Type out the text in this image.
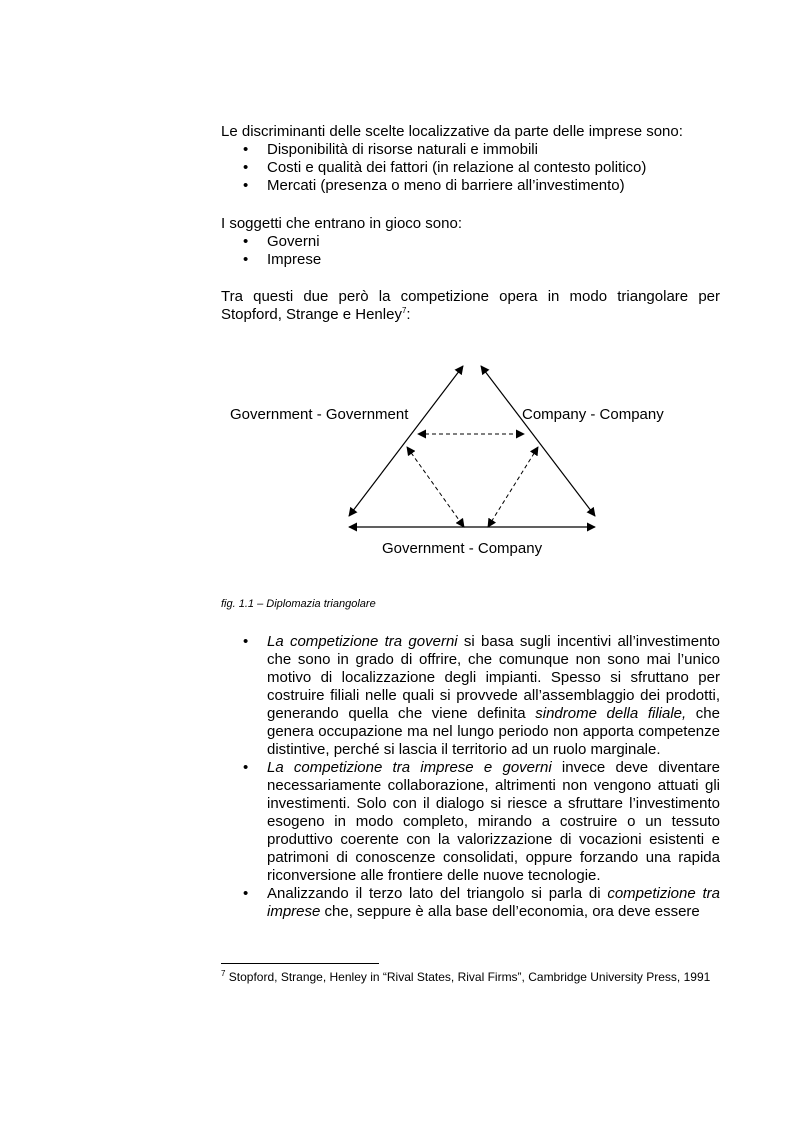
Le discriminanti delle scelte localizzative da parte delle imprese sono:
• Disponibilità di risorse naturali e immobili
• Costi e qualità dei fattori (in relazione al contesto politico)
• Mercati (presenza o meno di barriere all’investimento)
I soggetti che entrano in gioco sono:
• Governi
• Imprese
Tra questi due però la competizione opera in modo triangolare per
Stopford, Strange e Henley$^7$:
Government - Government	Company - Company
Government - Company
fig. 1.1 – Diplomazia triangolare
• La competizione tra governi si basa sugli incentivi all’investimento che sono in grado di offrire, che comunque non sono mai l’unico motivo di localizzazione degli impianti. Spesso si sfruttano per costruire filiali nelle quali si provvede all’assemblaggio dei prodotti, generando quella che viene definita sindrome della filiale, che genera occupazione ma nel lungo periodo non apporta competenze distintive, perché si lascia il territorio ad un ruolo marginale.
• La competizione tra imprese e governi invece deve diventare necessariamente collaborazione, altrimenti non vengono attuati gli investimenti. Solo con il dialogo si riesce a sfruttare l’investimento esogeno in modo completo, mirando a costruire o un tessuto produttivo coerente con la valorizzazione di vocazioni esistenti e patrimoni di conoscenze consolidati, oppure forzando una rapida riconversione alle frontiere delle nuove tecnologie.
• Analizzando il terzo lato del triangolo si parla di competizione tra imprese che, seppure è alla base dell’economia, ora deve essere
$^7$ Stopford, Strange, Henley in “Rival States, Rival Firms”, Cambridge University Press, 1991
